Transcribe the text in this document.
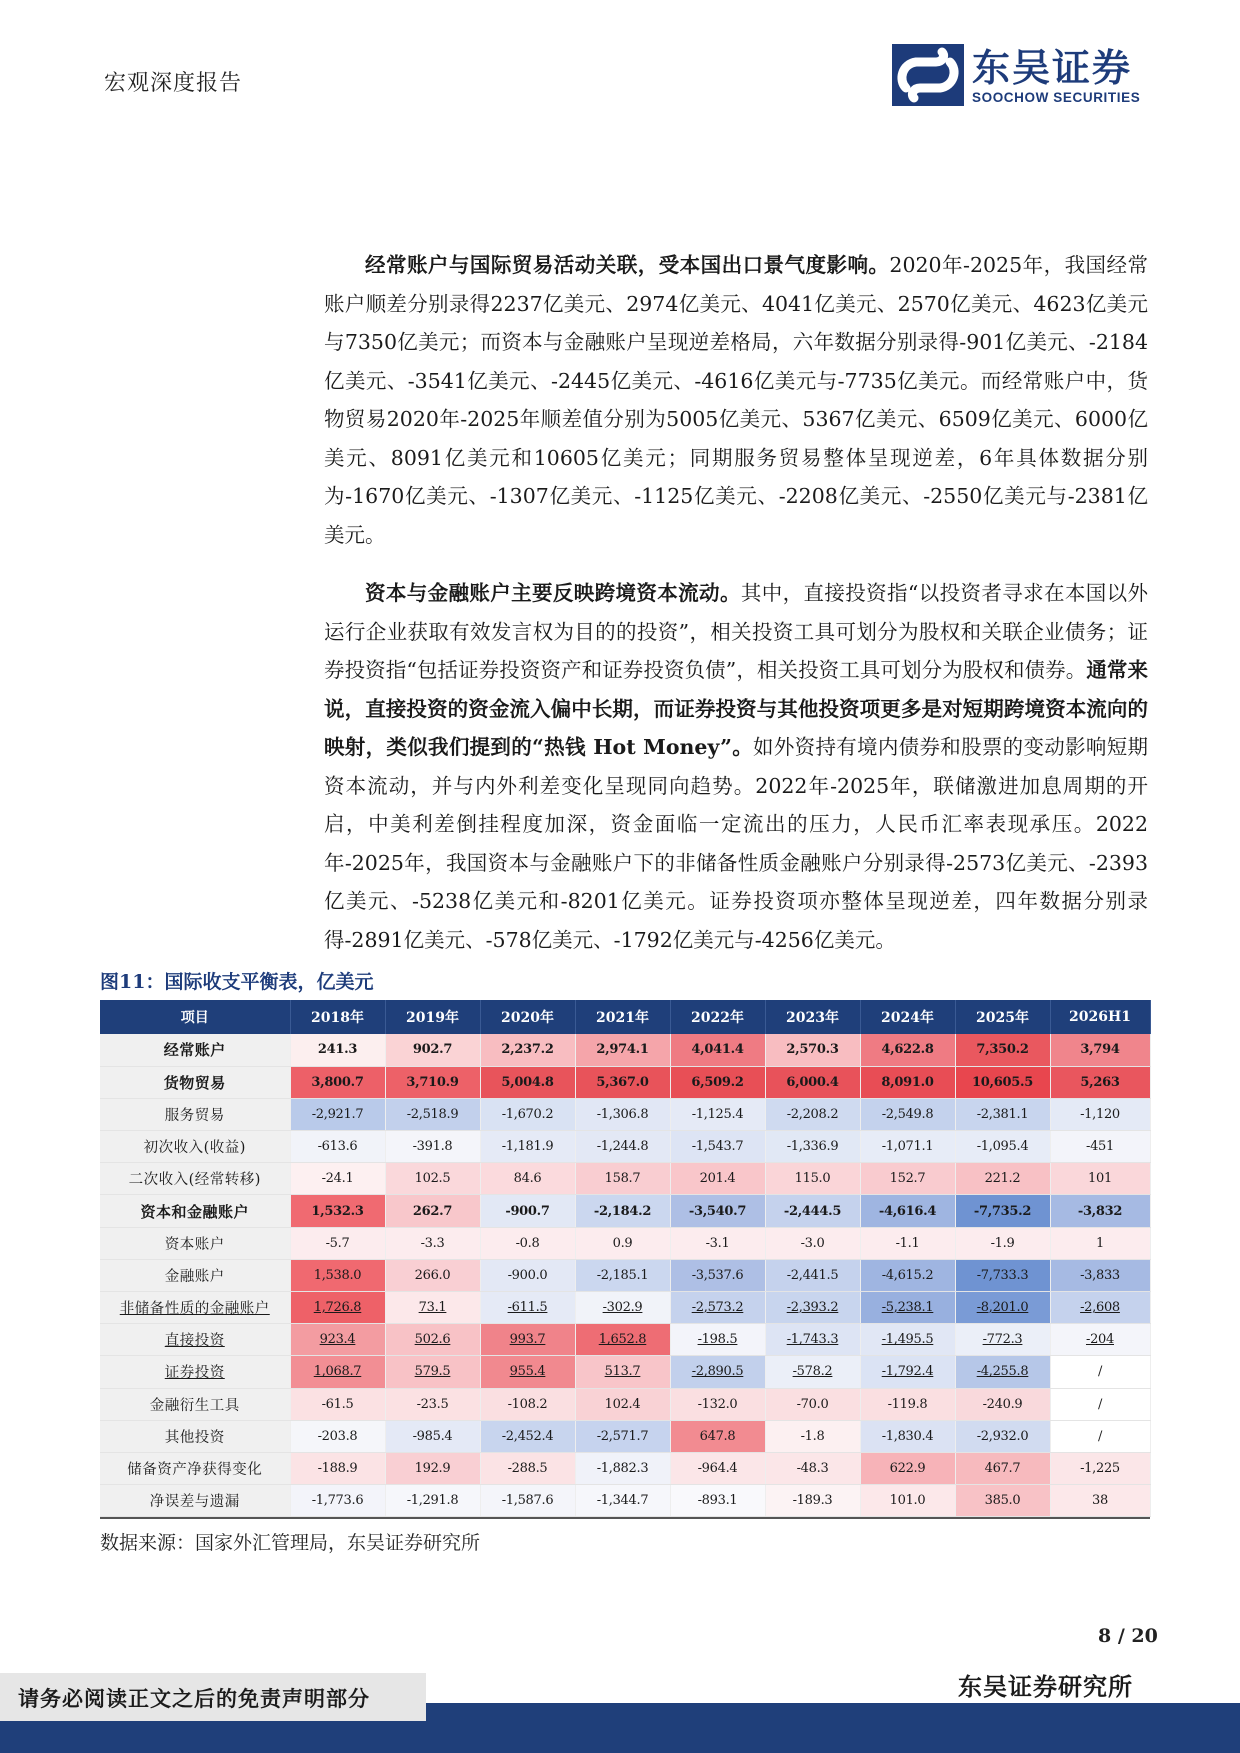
宏观深度报告	东吴证券
SOOCHOW SECURITIES

经常账户与国际贸易活动关联，受本国出口景气度影响。2020年-2025年，我国经常账户顺差分别录得2237亿美元、2974亿美元、4041亿美元、2570亿美元、4623亿美元与7350亿美元；而资本与金融账户呈现逆差格局，六年数据分别录得-901亿美元、-2184亿美元、-3541亿美元、-2445亿美元、-4616亿美元与-7735亿美元。而经常账户中，货物贸易2020年-2025年顺差值分别为5005亿美元、5367亿美元、6509亿美元、6000亿美元、8091亿美元和10605亿美元；同期服务贸易整体呈现逆差，6年具体数据分别为-1670亿美元、-1307亿美元、-1125亿美元、-2208亿美元、-2550亿美元与-2381亿美元。

资本与金融账户主要反映跨境资本流动。其中，直接投资指“以投资者寻求在本国以外运行企业获取有效发言权为目的的投资”，相关投资工具可划分为股权和关联企业债务；证券投资指“包括证券投资资产和证券投资负债”，相关投资工具可划分为股权和债券。通常来说，直接投资的资金流入偏中长期，而证券投资与其他投资项更多是对短期跨境资本流向的映射，类似我们提到的“热钱 Hot Money”。如外资持有境内债券和股票的变动影响短期资本流动，并与内外利差变化呈现同向趋势。2022年-2025年，联储激进加息周期的开启，中美利差倒挂程度加深，资金面临一定流出的压力，人民币汇率表现承压。2022年-2025年，我国资本与金融账户下的非储备性质金融账户分别录得-2573亿美元、-2393亿美元、-5238亿美元和-8201亿美元。证券投资项亦整体呈现逆差，四年数据分别录得-2891亿美元、-578亿美元、-1792亿美元与-4256亿美元。

图11：国际收支平衡表，亿美元
项目	2018年	2019年	2020年	2021年	2022年	2023年	2024年	2025年	2026H1
经常账户	241.3	902.7	2,237.2	2,974.1	4,041.4	2,570.3	4,622.8	7,350.2	3,794
货物贸易	3,800.7	3,710.9	5,004.8	5,367.0	6,509.2	6,000.4	8,091.0	10,605.5	5,263
服务贸易	-2,921.7	-2,518.9	-1,670.2	-1,306.8	-1,125.4	-2,208.2	-2,549.8	-2,381.1	-1,120
初次收入(收益)	-613.6	-391.8	-1,181.9	-1,244.8	-1,543.7	-1,336.9	-1,071.1	-1,095.4	-451
二次收入(经常转移)	-24.1	102.5	84.6	158.7	201.4	115.0	152.7	221.2	101
资本和金融账户	1,532.3	262.7	-900.7	-2,184.2	-3,540.7	-2,444.5	-4,616.4	-7,735.2	-3,832
资本账户	-5.7	-3.3	-0.8	0.9	-3.1	-3.0	-1.1	-1.9	1
金融账户	1,538.0	266.0	-900.0	-2,185.1	-3,537.6	-2,441.5	-4,615.2	-7,733.3	-3,833
非储备性质的金融账户	1,726.8	73.1	-611.5	-302.9	-2,573.2	-2,393.2	-5,238.1	-8,201.0	-2,608
直接投资	923.4	502.6	993.7	1,652.8	-198.5	-1,743.3	-1,495.5	-772.3	-204
证券投资	1,068.7	579.5	955.4	513.7	-2,890.5	-578.2	-1,792.4	-4,255.8	/
金融衍生工具	-61.5	-23.5	-108.2	102.4	-132.0	-70.0	-119.8	-240.9	/
其他投资	-203.8	-985.4	-2,452.4	-2,571.7	647.8	-1.8	-1,830.4	-2,932.0	/
储备资产净获得变化	-188.9	192.9	-288.5	-1,882.3	-964.4	-48.3	622.9	467.7	-1,225
净误差与遗漏	-1,773.6	-1,291.8	-1,587.6	-1,344.7	-893.1	-189.3	101.0	385.0	38
数据来源：国家外汇管理局，东吴证券研究所
8 / 20
东吴证券研究所
请务必阅读正文之后的免责声明部分
